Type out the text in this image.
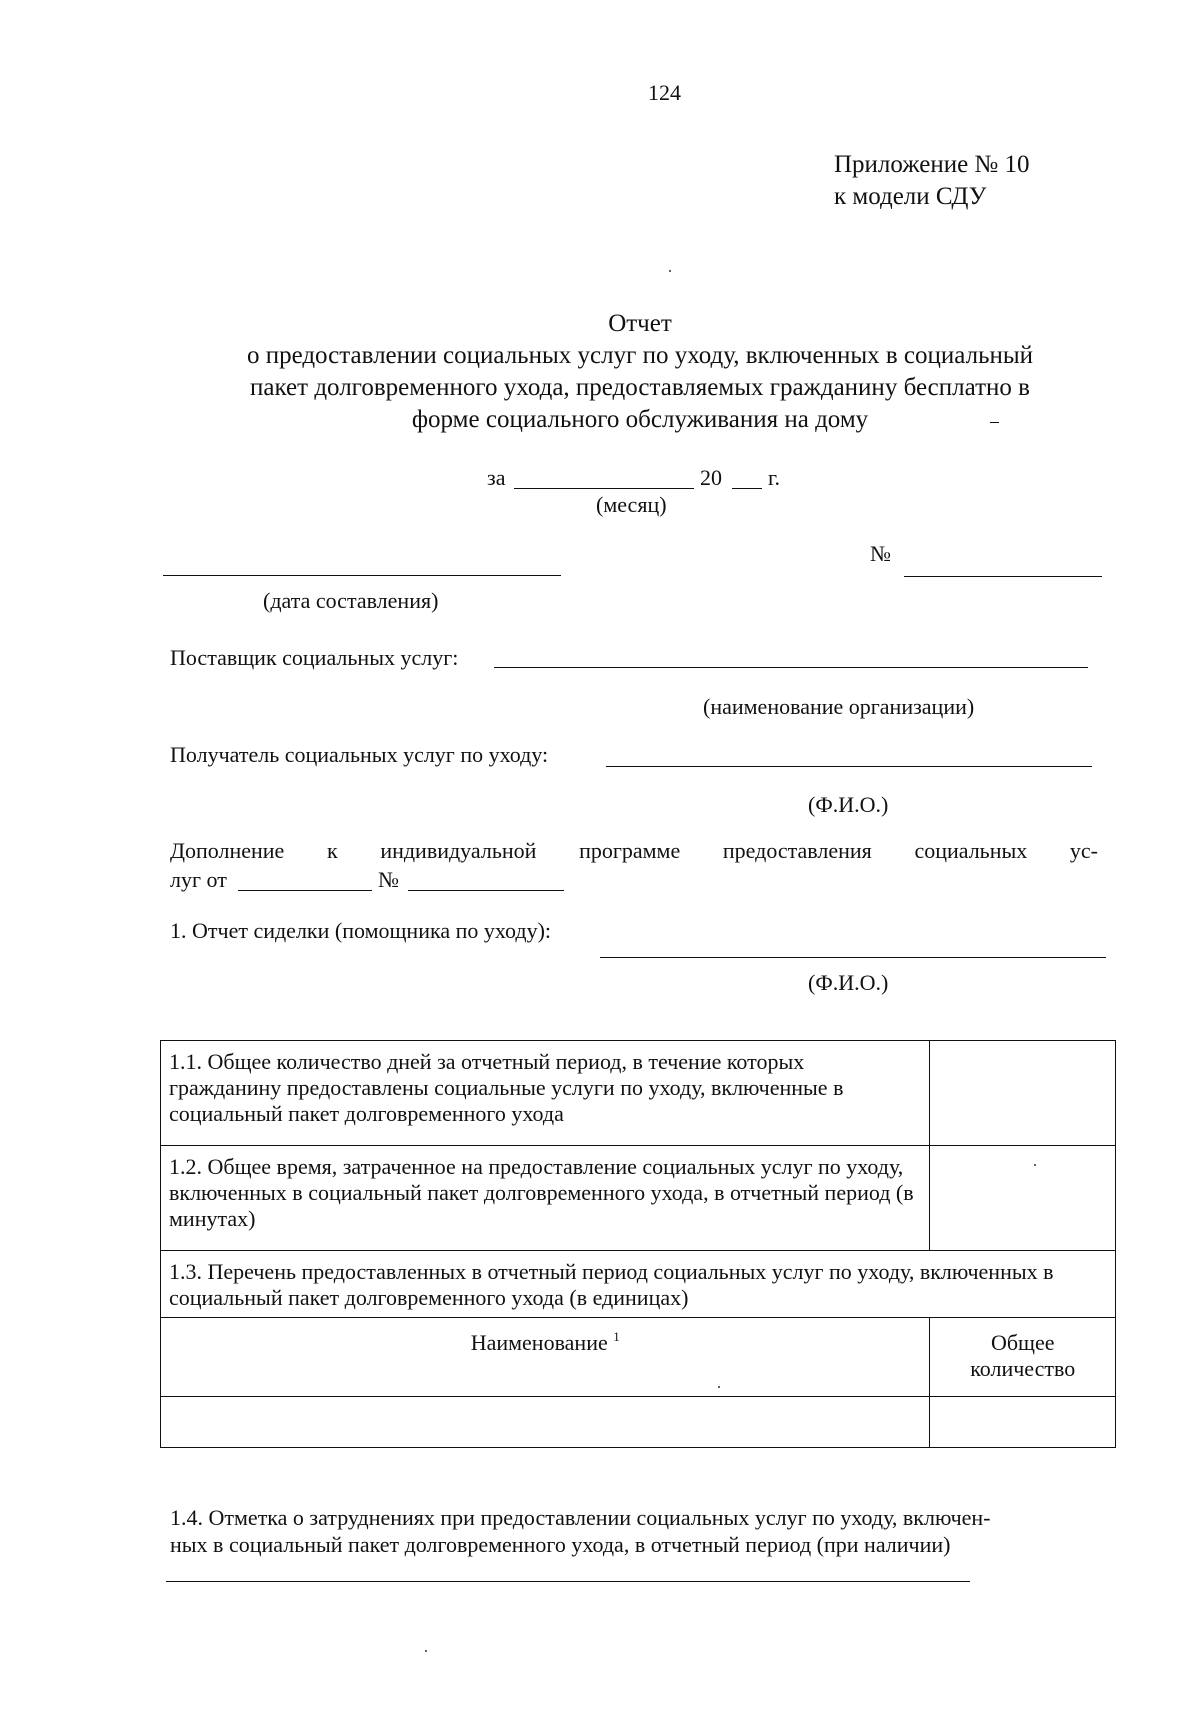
124
Приложение № 10
к модели СДУ
Отчет
о предоставлении социальных услуг по уходу, включенных в социальный
пакет долговременного ухода, предоставляемых гражданину бесплатно в
форме социального обслуживания на дому
за	20 г.
(месяц)
№
(дата составления)
Поставщик социальных услуг:
(наименование организации)
Получатель социальных услуг по уходу:
(Ф.И.О.)
Дополнение к индивидуальной программе предоставления социальных ус-
луг от	№
1. Отчет сиделки (помощника по уходу):
(Ф.И.О.)
1.1. Общее количество дней за отчетный период, в течение которых гражданину предоставлены социальные услуги по уходу, включенные в социальный пакет долговременного ухода	
1.2. Общее время, затраченное на предоставление социальных услуг по уходу, включенных в социальный пакет долговременного ухода, в отчетный период (в минутах)	
1.3. Перечень предоставленных в отчетный период социальных услуг по уходу, включенных в социальный пакет долговременного ухода (в единицах)	
Наименование $^1$	Общее количество

1.4. Отметка о затруднениях при предоставлении социальных услуг по уходу, включен-
ных в социальный пакет долговременного ухода, в отчетный период (при наличии)
